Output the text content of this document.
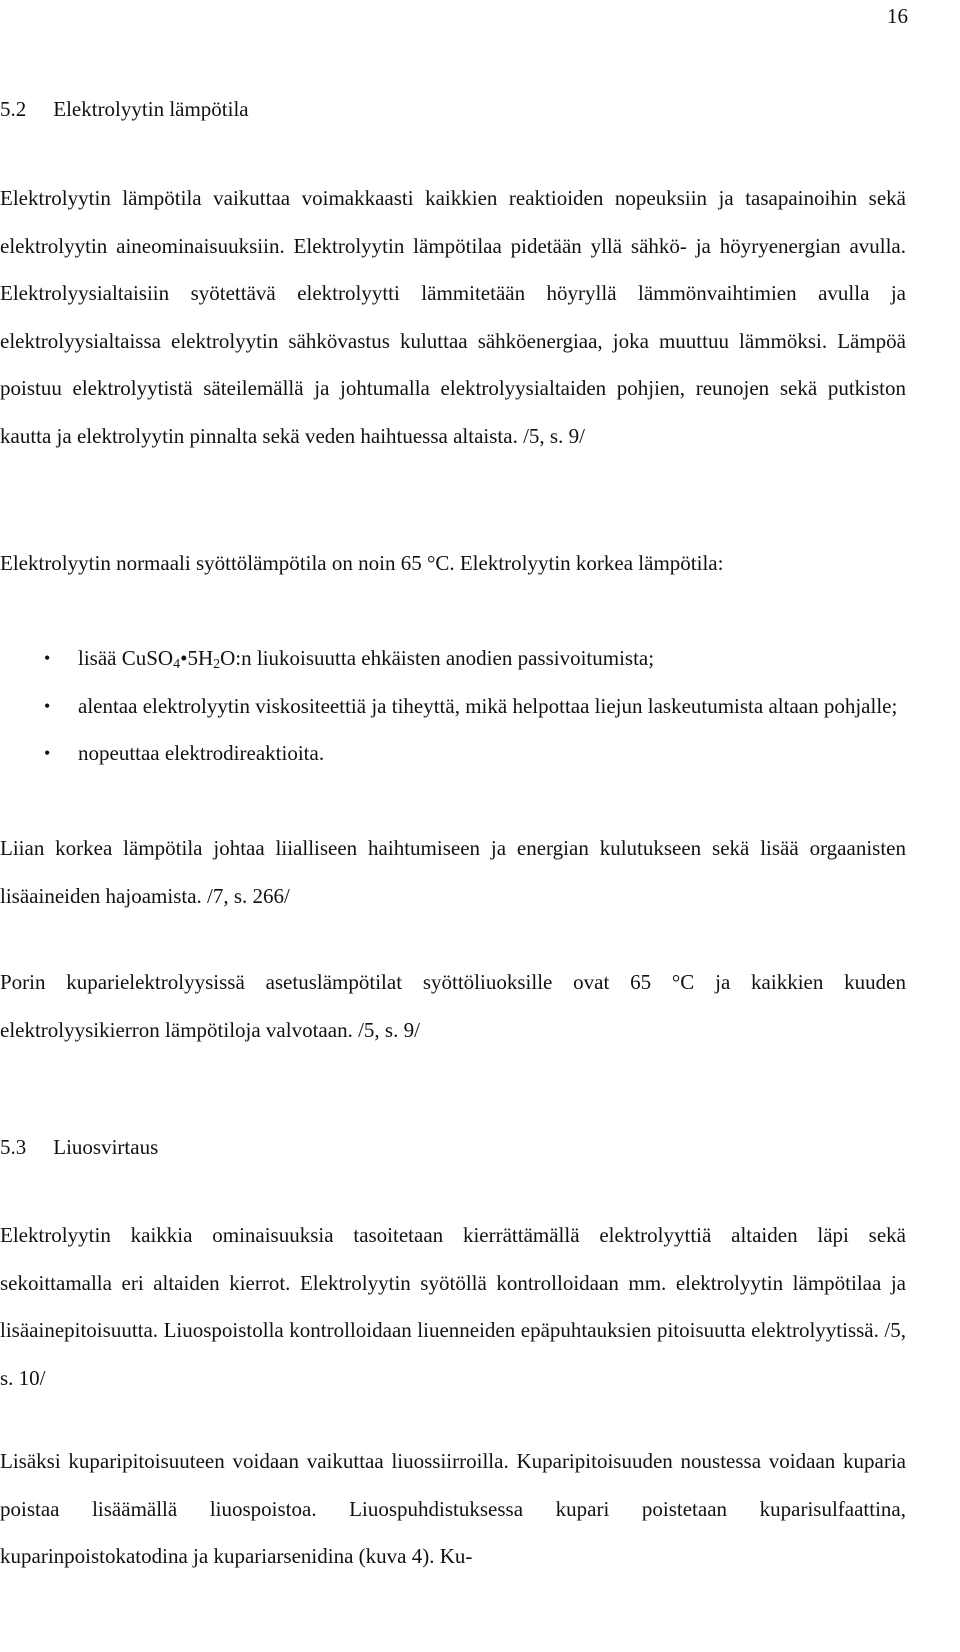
16
5.2 Elektrolyytin lämpötila

Elektrolyytin lämpötila vaikuttaa voimakkaasti kaikkien reaktioiden nopeuksiin ja tasapainoihin sekä elektrolyytin aineominaisuuksiin. Elektrolyytin lämpötilaa pidetään yllä sähkö- ja höyryenergian avulla. Elektrolyysialtaisiin syötettävä elektrolyytti lämmitetään höyryllä lämmönvaihtimien avulla ja elektrolyysialtaissa elektrolyytin sähkövastus kuluttaa sähköenergiaa, joka muuttuu lämmöksi. Lämpöä poistuu elektrolyytistä säteilemällä ja johtumalla elektrolyysialtaiden pohjien, reunojen sekä putkiston kautta ja elektrolyytin pinnalta sekä veden haihtuessa altaista. /5, s. 9/

Elektrolyytin normaali syöttölämpötila on noin 65 °C. Elektrolyytin korkea lämpötila:

• lisää $CuSO_4•5H_2O:n$ liukoisuutta ehkäisten anodien passivoitumista;
• alentaa elektrolyytin viskositeettiä ja tiheyttä, mikä helpottaa liejun laskeutumista altaan pohjalle;
• nopeuttaa elektrodireaktioita.

Liian korkea lämpötila johtaa liialliseen haihtumiseen ja energian kulutukseen sekä lisää orgaanisten lisäaineiden hajoamista. /7, s. 266/

Porin kuparielektrolyysissä asetuslämpötilat syöttöliuoksille ovat 65 °C ja kaikkien kuuden elektrolyysikierron lämpötiloja valvotaan. /5, s. 9/

5.3 Liuosvirtaus

Elektrolyytin kaikkia ominaisuuksia tasoitetaan kierrättämällä elektrolyyttiä altaiden läpi sekä sekoittamalla eri altaiden kierrot. Elektrolyytin syötöllä kontrolloidaan mm. elektrolyytin lämpötilaa ja lisäainepitoisuutta. Liuospoistolla kontrolloidaan liuenneiden epäpuhtauksien pitoisuutta elektrolyytissä. /5, s. 10/

Lisäksi kuparipitoisuuteen voidaan vaikuttaa liuossiirroilla. Kuparipitoisuuden noustessa voidaan kuparia poistaa lisäämällä liuospoistoa. Liuospuhdistuksessa kupari poistetaan kuparisulfaattina, kuparinpoistokatodina ja kupariarsenidina (kuva 4). Ku-
